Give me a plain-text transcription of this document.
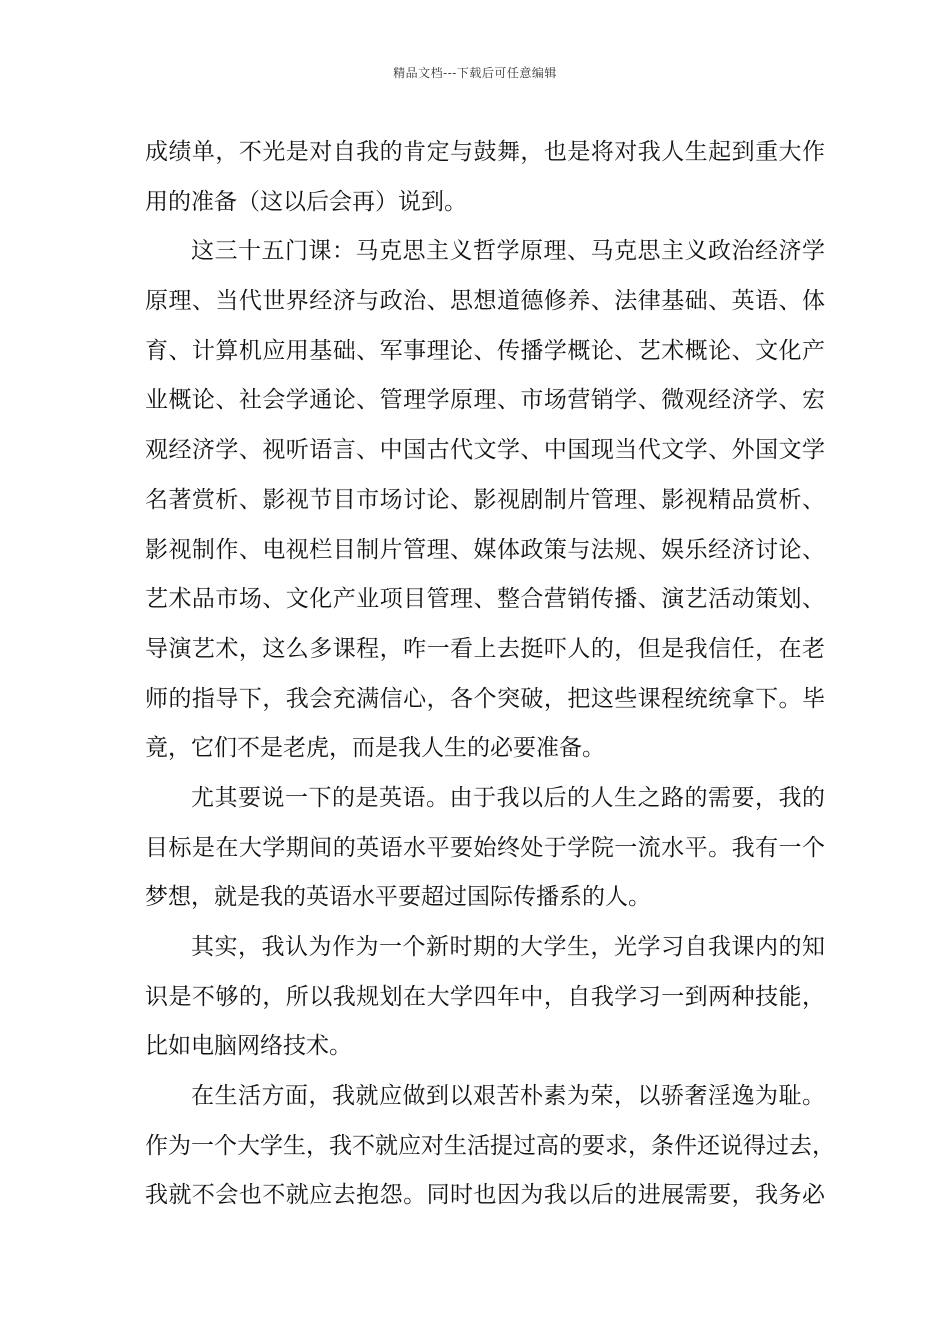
精品文档---下载后可任意编辑
成绩单，不光是对自我的肯定与鼓舞，也是将对我人生起到重大作
用的准备（这以后会再）说到。
这三十五门课：马克思主义哲学原理、马克思主义政治经济学
原理、当代世界经济与政治、思想道德修养、法律基础、英语、体
育、计算机应用基础、军事理论、传播学概论、艺术概论、文化产
业概论、社会学通论、管理学原理、市场营销学、微观经济学、宏
观经济学、视听语言、中国古代文学、中国现当代文学、外国文学
名著赏析、影视节目市场讨论、影视剧制片管理、影视精品赏析、
影视制作、电视栏目制片管理、媒体政策与法规、娱乐经济讨论、
艺术品市场、文化产业项目管理、整合营销传播、演艺活动策划、
导演艺术，这么多课程，咋一看上去挺吓人的，但是我信任，在老
师的指导下，我会充满信心，各个突破，把这些课程统统拿下。毕
竟，它们不是老虎，而是我人生的必要准备。
尤其要说一下的是英语。由于我以后的人生之路的需要，我的
目标是在大学期间的英语水平要始终处于学院一流水平。我有一个
梦想，就是我的英语水平要超过国际传播系的人。
其实，我认为作为一个新时期的大学生，光学习自我课内的知
识是不够的，所以我规划在大学四年中，自我学习一到两种技能，
比如电脑网络技术。
在生活方面，我就应做到以艰苦朴素为荣，以骄奢淫逸为耻。
作为一个大学生，我不就应对生活提过高的要求，条件还说得过去，
我就不会也不就应去抱怨。同时也因为我以后的进展需要，我务必
